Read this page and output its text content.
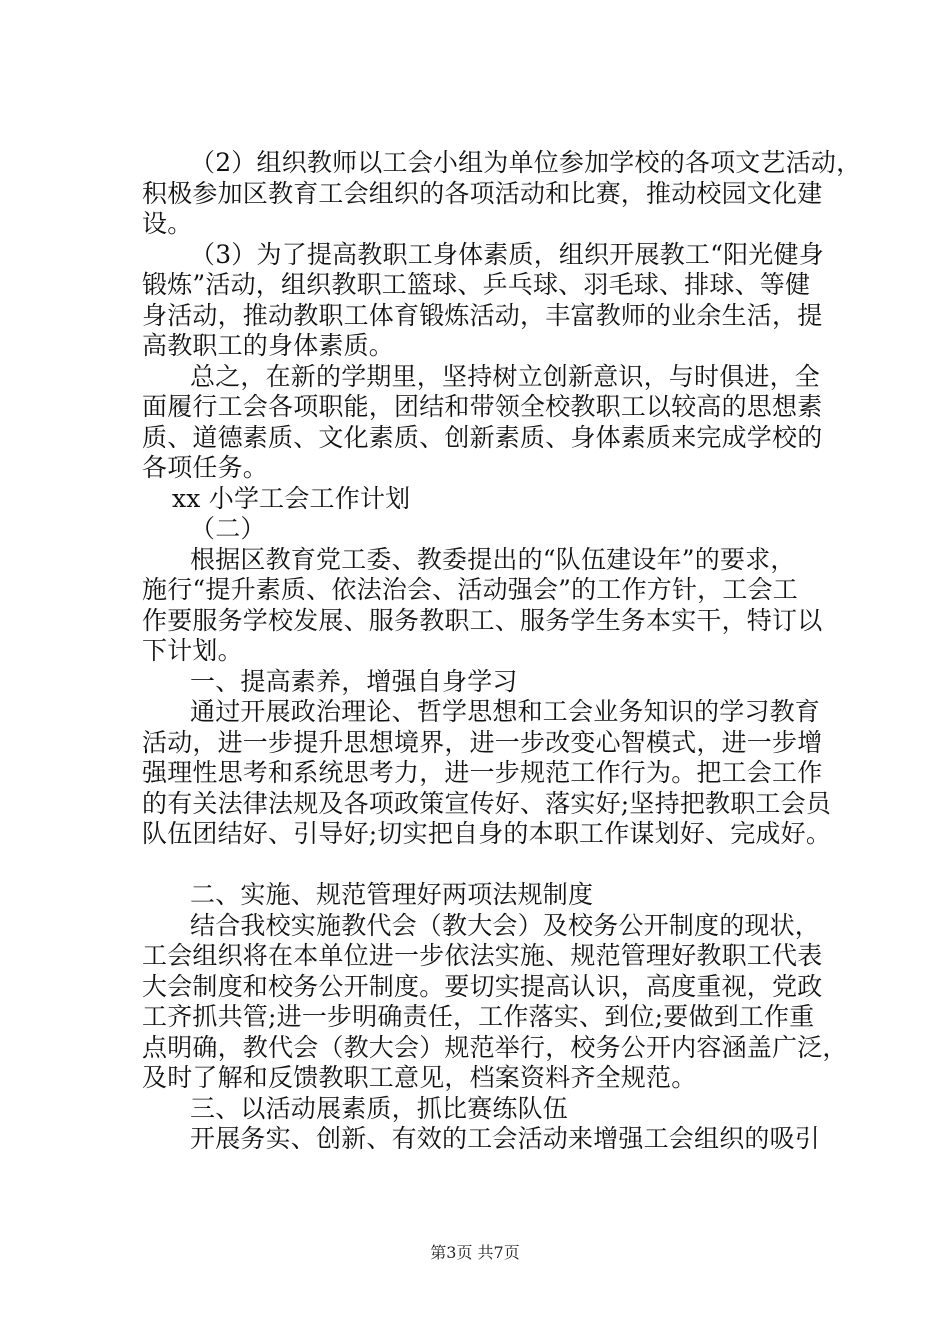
（2）组织教师以工会小组为单位参加学校的各项文艺活动，
积极参加区教育工会组织的各项活动和比赛，推动校园文化建
设。
（3）为了提高教职工身体素质，组织开展教工“阳光健身
锻炼”活动，组织教职工篮球、乒乓球、羽毛球、排球、等健
身活动，推动教职工体育锻炼活动，丰富教师的业余生活，提
高教职工的身体素质。
总之，在新的学期里，坚持树立创新意识，与时俱进，全
面履行工会各项职能，团结和带领全校教职工以较高的思想素
质、道德素质、文化素质、创新素质、身体素质来完成学校的
各项任务。
xx 小学工会工作计划
（二）
根据区教育党工委、教委提出的“队伍建设年”的要求，
施行“提升素质、依法治会、活动强会”的工作方针，工会工
作要服务学校发展、服务教职工、服务学生务本实干，特订以
下计划。
一、提高素养，增强自身学习
通过开展政治理论、哲学思想和工会业务知识的学习教育
活动，进一步提升思想境界，进一步改变心智模式，进一步增
强理性思考和系统思考力，进一步规范工作行为。把工会工作
的有关法律法规及各项政策宣传好、落实好;坚持把教职工会员
队伍团结好、引导好;切实把自身的本职工作谋划好、完成好。
二、实施、规范管理好两项法规制度
结合我校实施教代会（教大会）及校务公开制度的现状，
工会组织将在本单位进一步依法实施、规范管理好教职工代表
大会制度和校务公开制度。要切实提高认识，高度重视，党政
工齐抓共管;进一步明确责任，工作落实、到位;要做到工作重
点明确，教代会（教大会）规范举行，校务公开内容涵盖广泛，
及时了解和反馈教职工意见，档案资料齐全规范。
三、以活动展素质，抓比赛练队伍
开展务实、创新、有效的工会活动来增强工会组织的吸引
第3页 共7页
